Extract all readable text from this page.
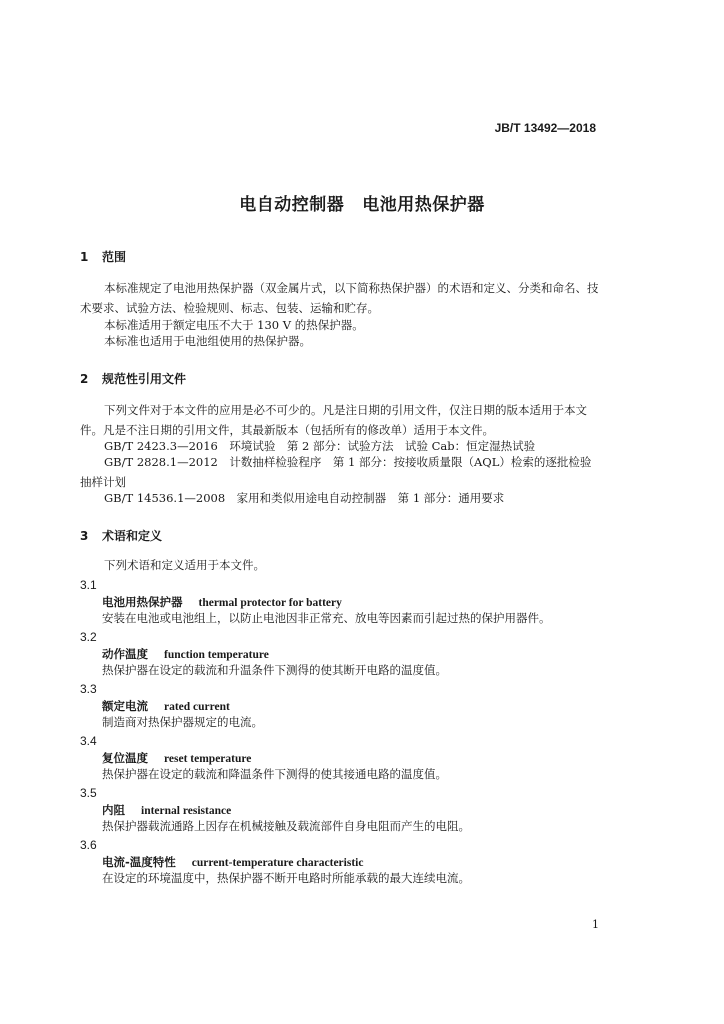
JB/T 13492—2018
电自动控制器 电池用热保护器
1 范围
本标准规定了电池用热保护器（双金属片式，以下简称热保护器）的术语和定义、分类和命名、技术要求、试验方法、检验规则、标志、包装、运输和贮存。
本标准适用于额定电压不大于 130 V 的热保护器。
本标准也适用于电池组使用的热保护器。
2 规范性引用文件
下列文件对于本文件的应用是必不可少的。凡是注日期的引用文件，仅注日期的版本适用于本文件。凡是不注日期的引用文件，其最新版本（包括所有的修改单）适用于本文件。
GB/T 2423.3—2016　环境试验　第 2 部分：试验方法　试验 Cab：恒定湿热试验
GB/T 2828.1—2012　计数抽样检验程序　第 1 部分：按接收质量限（AQL）检索的逐批检验抽样计划
GB/T 14536.1—2008　家用和类似用途电自动控制器　第 1 部分：通用要求
3 术语和定义
下列术语和定义适用于本文件。
3.1
电池用热保护器 thermal protector for battery
安装在电池或电池组上，以防止电池因非正常充、放电等因素而引起过热的保护用器件。
3.2
动作温度 function temperature
热保护器在设定的载流和升温条件下测得的使其断开电路的温度值。
3.3
额定电流 rated current
制造商对热保护器规定的电流。
3.4
复位温度 reset temperature
热保护器在设定的载流和降温条件下测得的使其接通电路的温度值。
3.5
内阻 internal resistance
热保护器载流通路上因存在机械接触及载流部件自身电阻而产生的电阻。
3.6
电流-温度特性 current-temperature characteristic
在设定的环境温度中，热保护器不断开电路时所能承载的最大连续电流。
1
